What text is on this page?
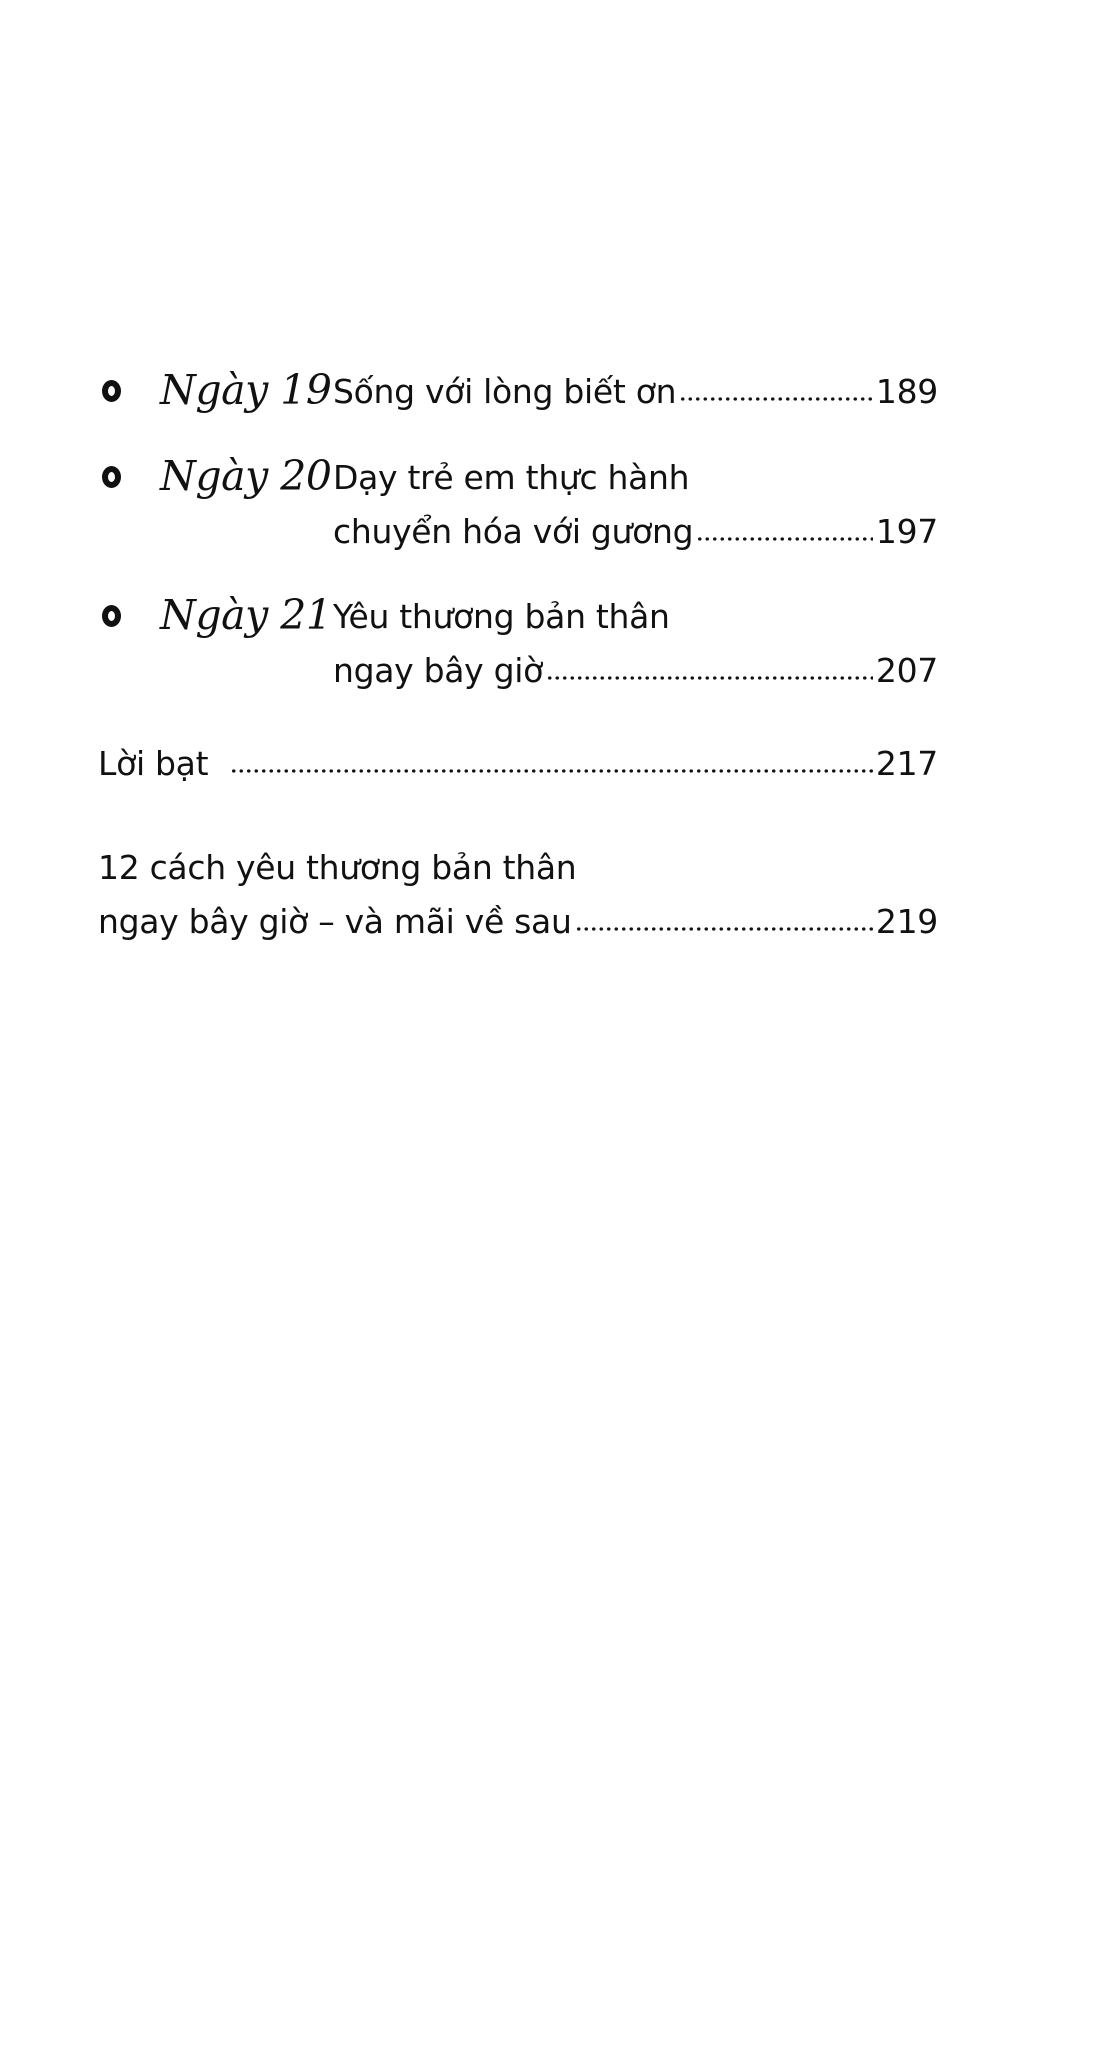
Ngày 19 Sống với lòng biết ơn	189
Ngày 20 Dạy trẻ em thực hành
chuyển hóa với gương	197
Ngày 21 Yêu thương bản thân
ngay bây giờ	207
Lời bạt	217
12 cách yêu thương bản thân
ngay bây giờ – và mãi về sau	219
